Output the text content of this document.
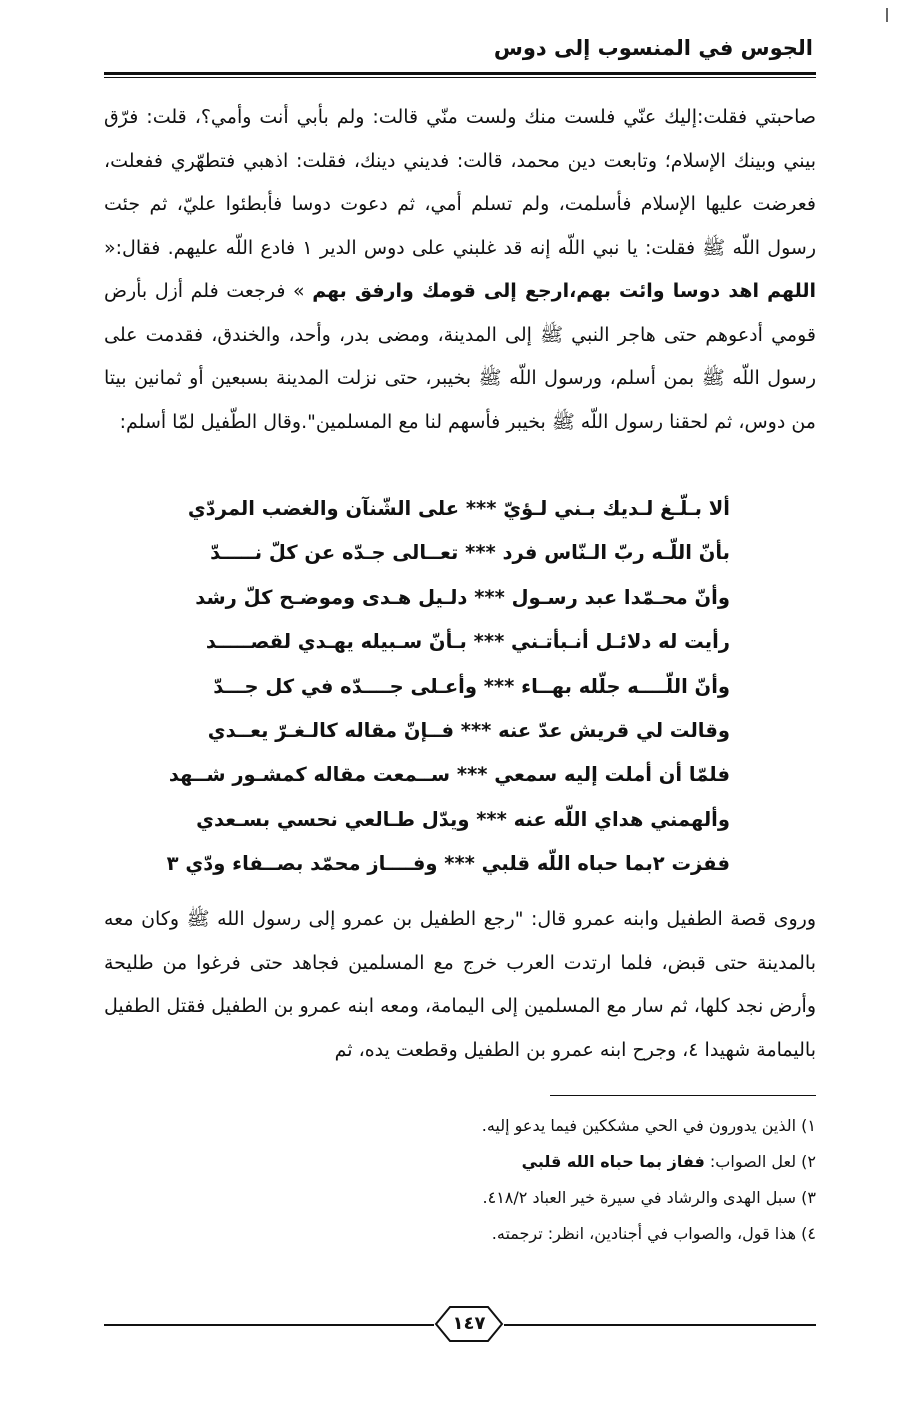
الجوس في المنسوب إلى دوس

صاحبتي فقلت:إليك عنّي فلست منك ولست منّي قالت: ولم بأبي أنت وأمي؟، قلت: فرّق بيني وبينك الإسلام؛ وتابعت دين محمد، قالت: فديني دينك، فقلت: اذهبي فتطهّري ففعلت، فعرضت عليها الإسلام فأسلمت، ولم تسلم أمي، ثم دعوت دوسا فأبطئوا عليّ، ثم جئت رسول اللّه ﷺ فقلت: يا نبي اللّه إنه قد غلبني على دوس الدير ١ فادع اللّه عليهم. فقال:« اللهم اهد دوسا وائت بهم،ارجع إلى قومك وارفق بهم » فرجعت فلم أزل بأرض قومي أدعوهم حتى هاجر النبي ﷺ إلى المدينة، ومضى بدر، وأحد، والخندق، فقدمت على رسول اللّه ﷺ بمن أسلم، ورسول اللّه ﷺ بخيبر، حتى نزلت المدينة بسبعين أو ثمانين بيتا من دوس، ثم لحقنا رسول اللّه ﷺ بخيبر فأسهم لنا مع المسلمين".وقال الطّفيل لمّا أسلم:

ألا بـلّـغ لـديك بـني لـؤيّ *** على الشّنآن والغضب المردّي
بأنّ اللّـه ربّ الـنّاس فرد *** تعــالى جـدّه عن كلّ نـــــدّ
وأنّ محـمّدا عبد رسـول *** دلـيل هـدى وموضـح كلّ رشد
رأيت له دلائـل أنـبأتـني *** بـأنّ سـبيله يهـدي لقصـــــد
وأنّ اللّــــه جلّله بهــاء *** وأعـلى جــــدّه في كل جـــدّ
وقالت لي قريش عدّ عنه *** فــإنّ مقاله كالـغـرّ يعــدي
فلمّا أن أملت إليه سمعي *** ســمعت مقاله كمشـور شــهد
وألهمني هداي اللّه عنه *** ويدّل طـالعي نحسي بسـعدي
ففزت ٢بما حباه اللّه قلبي *** وفــــاز محمّد بصــفاء ودّي ٣

وروى قصة الطفيل وابنه عمرو قال: "رجع الطفيل بن عمرو إلى رسول الله ﷺ وكان معه بالمدينة حتى قبض، فلما ارتدت العرب خرج مع المسلمين فجاهد حتى فرغوا من طليحة وأرض نجد كلها، ثم سار مع المسلمين إلى اليمامة، ومعه ابنه عمرو بن الطفيل فقتل الطفيل باليمامة شهيدا ٤، وجرح ابنه عمرو بن الطفيل وقطعت يده، ثم

١) الذين يدورون في الحي مشككين فيما يدعو إليه.

٢) لعل الصواب: ففاز بما حباه الله قلبي

٣) سبل الهدى والرشاد في سيرة خير العباد ٤١٨/٢.

٤) هذا قول، والصواب في أجنادين، انظر: ترجمته.

١٤٧
